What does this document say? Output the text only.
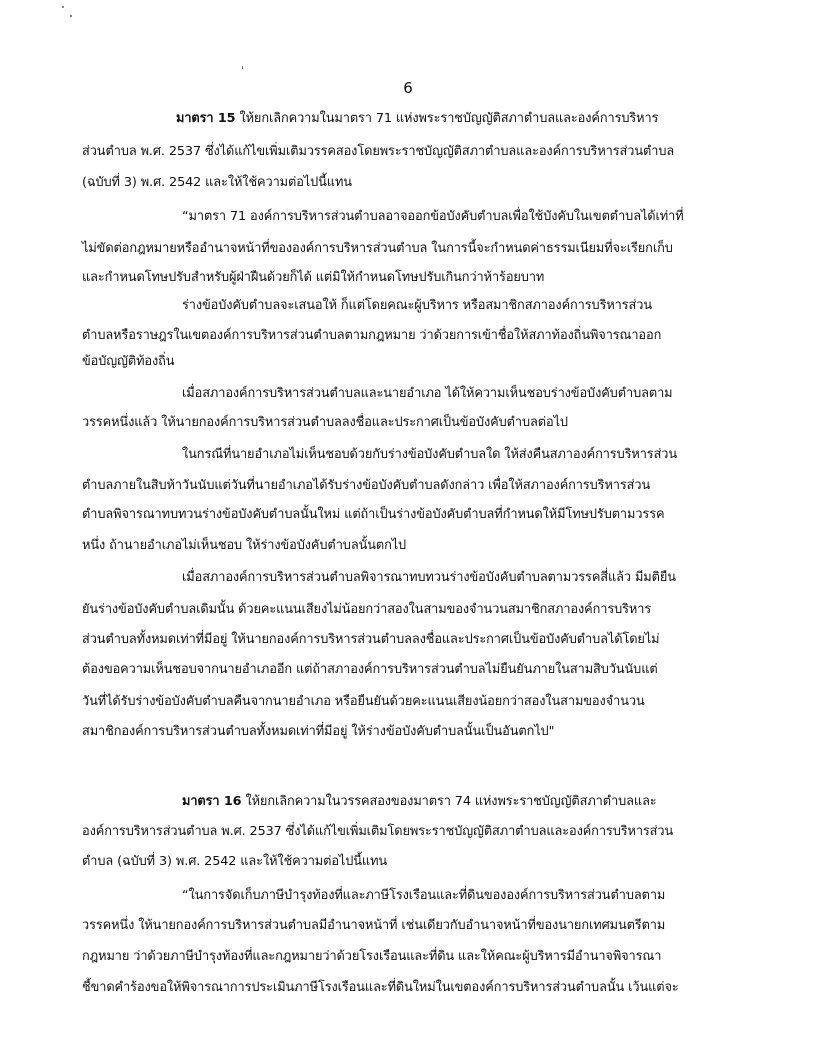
6
มาตรา 15 ให้ยกเลิกความในมาตรา 71 แห่งพระราชบัญญัติสภาตำบลและองค์การบริหาร
ส่วนตำบล พ.ศ. 2537 ซึ่งได้แก้ไขเพิ่มเติมวรรคสองโดยพระราชบัญญัติสภาตำบลและองค์การบริหารส่วนตำบล
(ฉบับที่ 3) พ.ศ. 2542 และให้ใช้ความต่อไปนี้แทน
“มาตรา 71 องค์การบริหารส่วนตำบลอาจออกข้อบังคับตำบลเพื่อใช้บังคับในเขตตำบลได้เท่าที่
ไม่ขัดต่อกฎหมายหรืออำนาจหน้าที่ขององค์การบริหารส่วนตำบล ในการนี้จะกำหนดค่าธรรมเนียมที่จะเรียกเก็บ
และกำหนดโทษปรับสำหรับผู้ฝ่าฝืนด้วยก็ได้ แต่มิให้กำหนดโทษปรับเกินกว่าห้าร้อยบาท
ร่างข้อบังคับตำบลจะเสนอให้ ก็แต่โดยคณะผู้บริหาร หรือสมาชิกสภาองค์การบริหารส่วน
ตำบลหรือราษฎรในเขตองค์การบริหารส่วนตำบลตามกฎหมาย ว่าด้วยการเข้าชื่อให้สภาท้องถิ่นพิจารณาออก
ข้อบัญญัติท้องถิ่น
เมื่อสภาองค์การบริหารส่วนตำบลและนายอำเภอ ได้ให้ความเห็นชอบร่างข้อบังคับตำบลตาม
วรรคหนึ่งแล้ว ให้นายกองค์การบริหารส่วนตำบลลงชื่อและประกาศเป็นข้อบังคับตำบลต่อไป
ในกรณีที่นายอำเภอไม่เห็นชอบด้วยกับร่างข้อบังคับตำบลใด ให้ส่งคืนสภาองค์การบริหารส่วน
ตำบลภายในสิบห้าวันนับแต่วันที่นายอำเภอได้รับร่างข้อบังคับตำบลดังกล่าว เพื่อให้สภาองค์การบริหารส่วน
ตำบลพิจารณาทบทวนร่างข้อบังคับตำบลนั้นใหม่ แต่ถ้าเป็นร่างข้อบังคับตำบลที่กำหนดให้มีโทษปรับตามวรรค
หนึ่ง ถ้านายอำเภอไม่เห็นชอบ ให้ร่างข้อบังคับตำบลนั้นตกไป
เมื่อสภาองค์การบริหารส่วนตำบลพิจารณาทบทวนร่างข้อบังคับตำบลตามวรรคสี่แล้ว มีมติยืน
ยันร่างข้อบังคับตำบลเดิมนั้น ด้วยคะแนนเสียงไม่น้อยกว่าสองในสามของจำนวนสมาชิกสภาองค์การบริหาร
ส่วนตำบลทั้งหมดเท่าที่มีอยู่ ให้นายกองค์การบริหารส่วนตำบลลงชื่อและประกาศเป็นข้อบังคับตำบลได้โดยไม่
ต้องขอความเห็นชอบจากนายอำเภออีก แต่ถ้าสภาองค์การบริหารส่วนตำบลไม่ยืนยันภายในสามสิบวันนับแต่
วันที่ได้รับร่างข้อบังคับตำบลคืนจากนายอำเภอ หรือยืนยันด้วยคะแนนเสียงน้อยกว่าสองในสามของจำนวน
สมาชิกองค์การบริหารส่วนตำบลทั้งหมดเท่าที่มีอยู่ ให้ร่างข้อบังคับตำบลนั้นเป็นอันตกไป"
มาตรา 16 ให้ยกเลิกความในวรรคสองของมาตรา 74 แห่งพระราชบัญญัติสภาตำบลและ
องค์การบริหารส่วนตำบล พ.ศ. 2537 ซึ่งได้แก้ไขเพิ่มเติมโดยพระราชบัญญัติสภาตำบลและองค์การบริหารส่วน
ตำบล (ฉบับที่ 3) พ.ศ. 2542 และให้ใช้ความต่อไปนี้แทน
“ในการจัดเก็บภาษีบำรุงท้องที่และภาษีโรงเรือนและที่ดินขององค์การบริหารส่วนตำบลตาม
วรรคหนึ่ง ให้นายกองค์การบริหารส่วนตำบลมีอำนาจหน้าที่ เช่นเดียวกับอำนาจหน้าที่ของนายกเทศมนตรีตาม
กฎหมาย ว่าด้วยภาษีบำรุงท้องที่และกฎหมายว่าด้วยโรงเรือนและที่ดิน และให้คณะผู้บริหารมีอำนาจพิจารณา
ชี้ขาดคำร้องขอให้พิจารณาการประเมินภาษีโรงเรือนและที่ดินใหม่ในเขตองค์การบริหารส่วนตำบลนั้น เว้นแต่จะ
